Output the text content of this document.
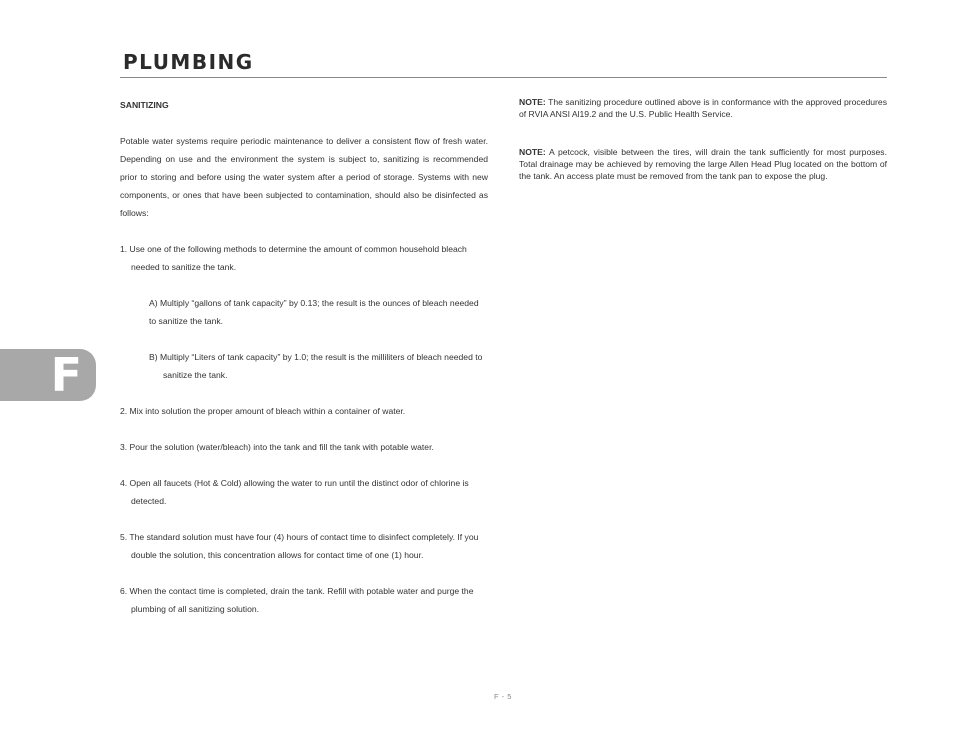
PLUMBING

SANITIZING

Potable water systems require periodic maintenance to deliver a consistent flow of fresh water. Depending on use and the environment the system is subject to, sanitizing is recommended prior to storing and before using the water system after a period of storage. Systems with new components, or ones that have been subjected to contamination, should also be disinfected as follows:

1. Use one of the following methods to determine the amount of common household bleach needed to sanitize the tank.

A) Multiply “gallons of tank capacity” by 0.13; the result is the ounces of bleach needed to sanitize the tank.

B) Multiply “Liters of tank capacity” by 1.0; the result is the milliliters of bleach needed to sanitize the tank.

2. Mix into solution the proper amount of bleach within a container of water.

3. Pour the solution (water/bleach) into the tank and fill the tank with potable water.

4. Open all faucets (Hot & Cold) allowing the water to run until the distinct odor of chlorine is detected.

5. The standard solution must have four (4) hours of contact time to disinfect completely. If you double the solution, this concentration allows for contact time of one (1) hour.

6. When the contact time is completed, drain the tank. Refill with potable water and purge the plumbing of all sanitizing solution.

NOTE: The sanitizing procedure outlined above is in conformance with the approved procedures of RVIA ANSI Al19.2 and the U.S. Public Health Service.

NOTE: A petcock, visible between the tires, will drain the tank sufficiently for most purposes. Total drainage may be achieved by removing the large Allen Head Plug located on the bottom of the tank. An access plate must be removed from the tank pan to expose the plug.

F
F - 5
